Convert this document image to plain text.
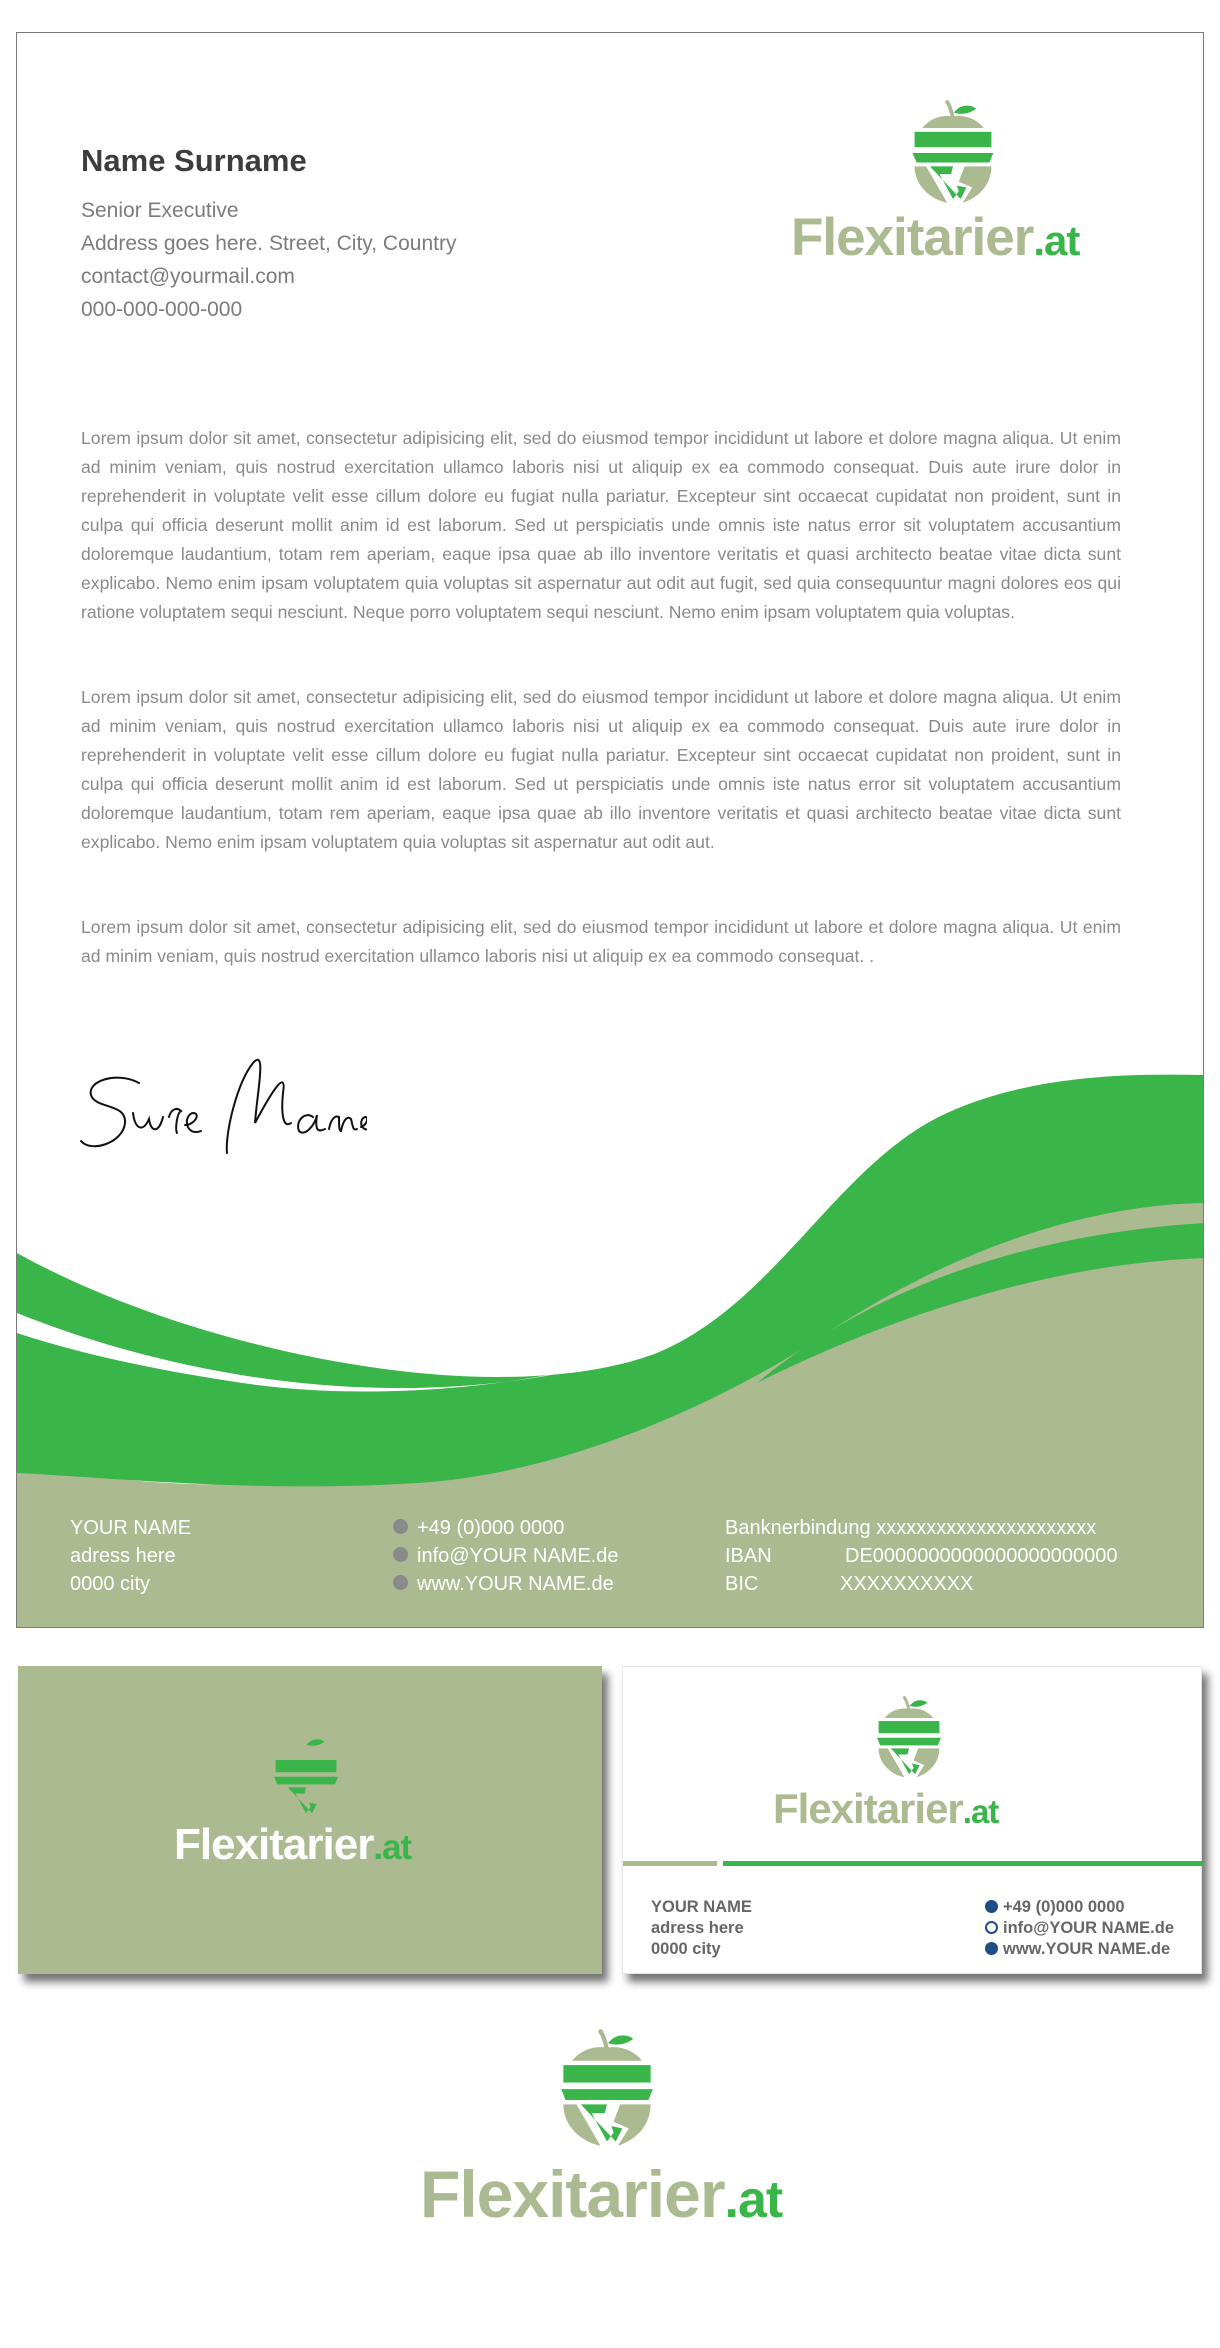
Name Surname
Senior Executive
Address goes here. Street, City, Country
contact@yourmail.com
000-000-000-000
Flexitarier.at

Lorem ipsum dolor sit amet, consectetur adipisicing elit, sed do eiusmod tempor incididunt ut labore et dolore magna aliqua. Ut enim ad minim veniam, quis nostrud exercitation ullamco laboris nisi ut aliquip ex ea commodo consequat. Duis aute irure dolor in reprehenderit in voluptate velit esse cillum dolore eu fugiat nulla pariatur. Excepteur sint occaecat cupidatat non proident, sunt in culpa qui officia deserunt mollit anim id est laborum. Sed ut perspiciatis unde omnis iste natus error sit voluptatem accusantium doloremque laudantium, totam rem aperiam, eaque ipsa quae ab illo inventore veritatis et quasi architecto beatae vitae dicta sunt explicabo. Nemo enim ipsam voluptatem quia voluptas sit aspernatur aut odit aut fugit, sed quia consequuntur magni dolores eos qui ratione voluptatem sequi nesciunt. Neque porro voluptatem sequi nesciunt. Nemo enim ipsam voluptatem quia voluptas.

Lorem ipsum dolor sit amet, consectetur adipisicing elit, sed do eiusmod tempor incididunt ut labore et dolore magna aliqua. Ut enim ad minim veniam, quis nostrud exercitation ullamco laboris nisi ut aliquip ex ea commodo consequat. Duis aute irure dolor in reprehenderit in voluptate velit esse cillum dolore eu fugiat nulla pariatur. Excepteur sint occaecat cupidatat non proident, sunt in culpa qui officia deserunt mollit anim id est laborum. Sed ut perspiciatis unde omnis iste natus error sit voluptatem accusantium doloremque laudantium, totam rem aperiam, eaque ipsa quae ab illo inventore veritatis et quasi architecto beatae vitae dicta sunt explicabo. Nemo enim ipsam voluptatem quia voluptas sit aspernatur aut odit aut.

Lorem ipsum dolor sit amet, consectetur adipisicing elit, sed do eiusmod tempor incididunt ut labore et dolore magna aliqua. Ut enim ad minim veniam, quis nostrud exercitation ullamco laboris nisi ut aliquip ex ea commodo consequat. .

YOUR NAME
adress here
0000 city
+49 (0)000 0000
info@YOUR NAME.de
www.YOUR NAME.de
Banknerbindung xxxxxxxxxxxxxxxxxxxxxx
IBAN	DE0000000000000000000000
BIC	XXXXXXXXXX
Flexitarier.at
Flexitarier.at
YOUR NAME
adress here
0000 city
+49 (0)000 0000
info@YOUR NAME.de
www.YOUR NAME.de
Flexitarier.at
